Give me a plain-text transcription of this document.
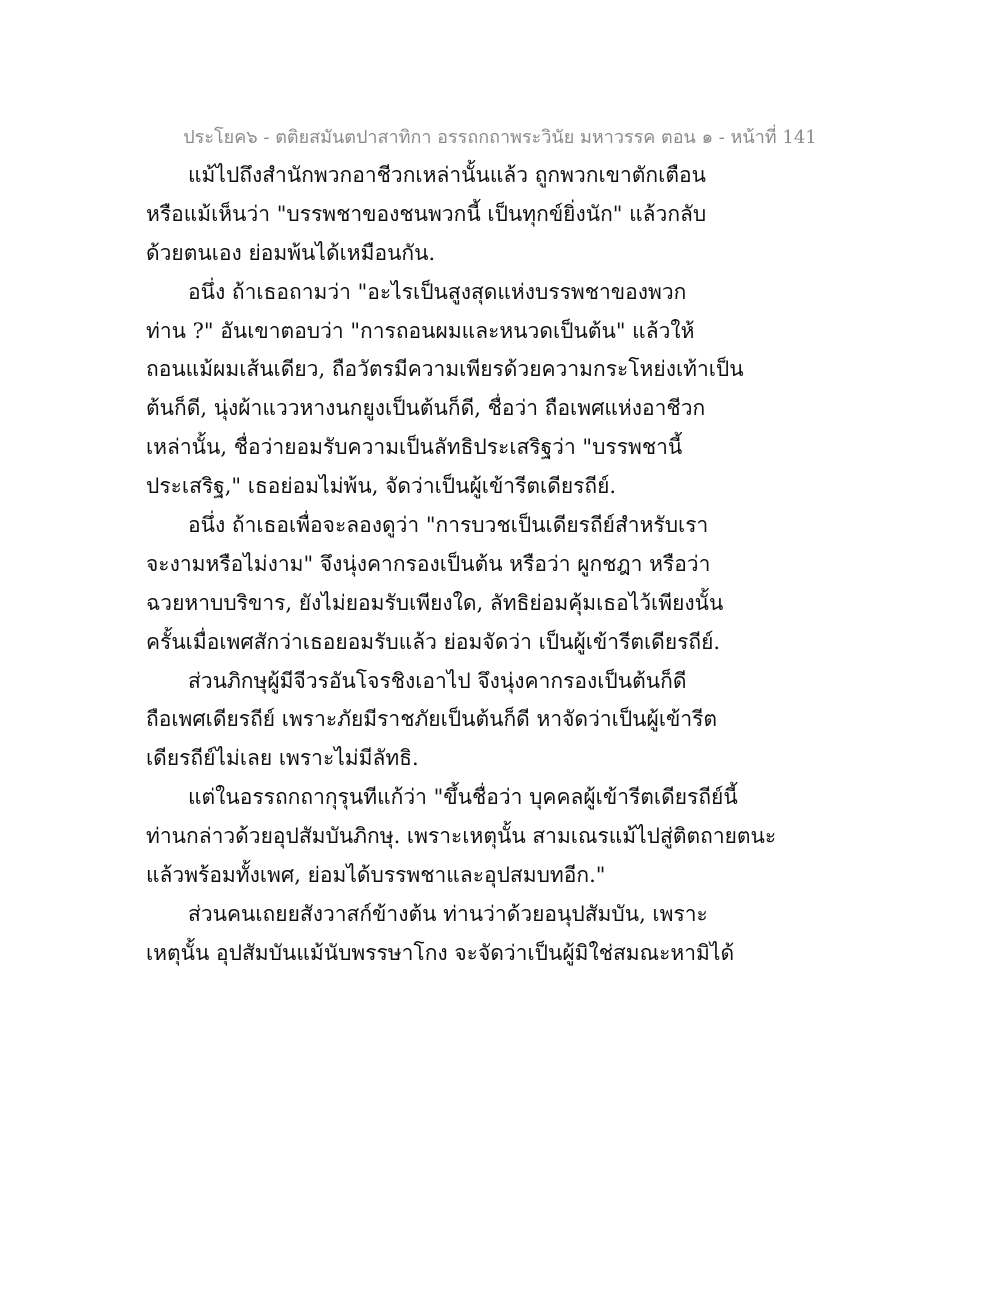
ประโยค๖ - ตติยสมันตปาสาทิกา อรรถกถาพระวินัย มหาวรรค ตอน ๑ - หน้าที่ 141
แม้ไปถึงสำนักพวกอาชีวกเหล่านั้นแล้ว ถูกพวกเขาตักเตือน
หรือแม้เห็นว่า "บรรพชาของชนพวกนี้ เป็นทุกข์ยิ่งนัก" แล้วกลับ
ด้วยตนเอง ย่อมพ้นได้เหมือนกัน.
อนึ่ง ถ้าเธอถามว่า "อะไรเป็นสูงสุดแห่งบรรพชาของพวก
ท่าน ?" อันเขาตอบว่า "การถอนผมและหนวดเป็นต้น" แล้วให้
ถอนแม้ผมเส้นเดียว, ถือวัตรมีความเพียรด้วยความกระโหย่งเท้าเป็น
ต้นก็ดี, นุ่งผ้าแววหางนกยูงเป็นต้นก็ดี, ชื่อว่า ถือเพศแห่งอาชีวก
เหล่านั้น, ชื่อว่ายอมรับความเป็นลัทธิประเสริฐว่า "บรรพชานี้
ประเสริฐ," เธอย่อมไม่พ้น, จัดว่าเป็นผู้เข้ารีตเดียรถีย์.
อนึ่ง ถ้าเธอเพื่อจะลองดูว่า "การบวชเป็นเดียรถีย์สำหรับเรา
จะงามหรือไม่งาม" จึงนุ่งคากรองเป็นต้น หรือว่า ผูกชฎา หรือว่า
ฉวยหาบบริขาร, ยังไม่ยอมรับเพียงใด, ลัทธิย่อมคุ้มเธอไว้เพียงนั้น
ครั้นเมื่อเพศสักว่าเธอยอมรับแล้ว ย่อมจัดว่า เป็นผู้เข้ารีตเดียรถีย์.
ส่วนภิกษุผู้มีจีวรอันโจรชิงเอาไป จึงนุ่งคากรองเป็นต้นก็ดี
ถือเพศเดียรถีย์ เพราะภัยมีราชภัยเป็นต้นก็ดี หาจัดว่าเป็นผู้เข้ารีต
เดียรถีย์ไม่เลย เพราะไม่มีลัทธิ.
แต่ในอรรถกถากุรุนทีแก้ว่า "ขึ้นชื่อว่า บุคคลผู้เข้ารีตเดียรถีย์นี้
ท่านกล่าวด้วยอุปสัมบันภิกษุ. เพราะเหตุนั้น สามเณรแม้ไปสู่ติตถายตนะ
แล้วพร้อมทั้งเพศ, ย่อมได้บรรพชาและอุปสมบทอีก."
ส่วนคนเถยยสังวาสก์ข้างต้น ท่านว่าด้วยอนุปสัมบัน, เพราะ
เหตุนั้น อุปสัมบันแม้นับพรรษาโกง จะจัดว่าเป็นผู้มิใช่สมณะหามิได้
